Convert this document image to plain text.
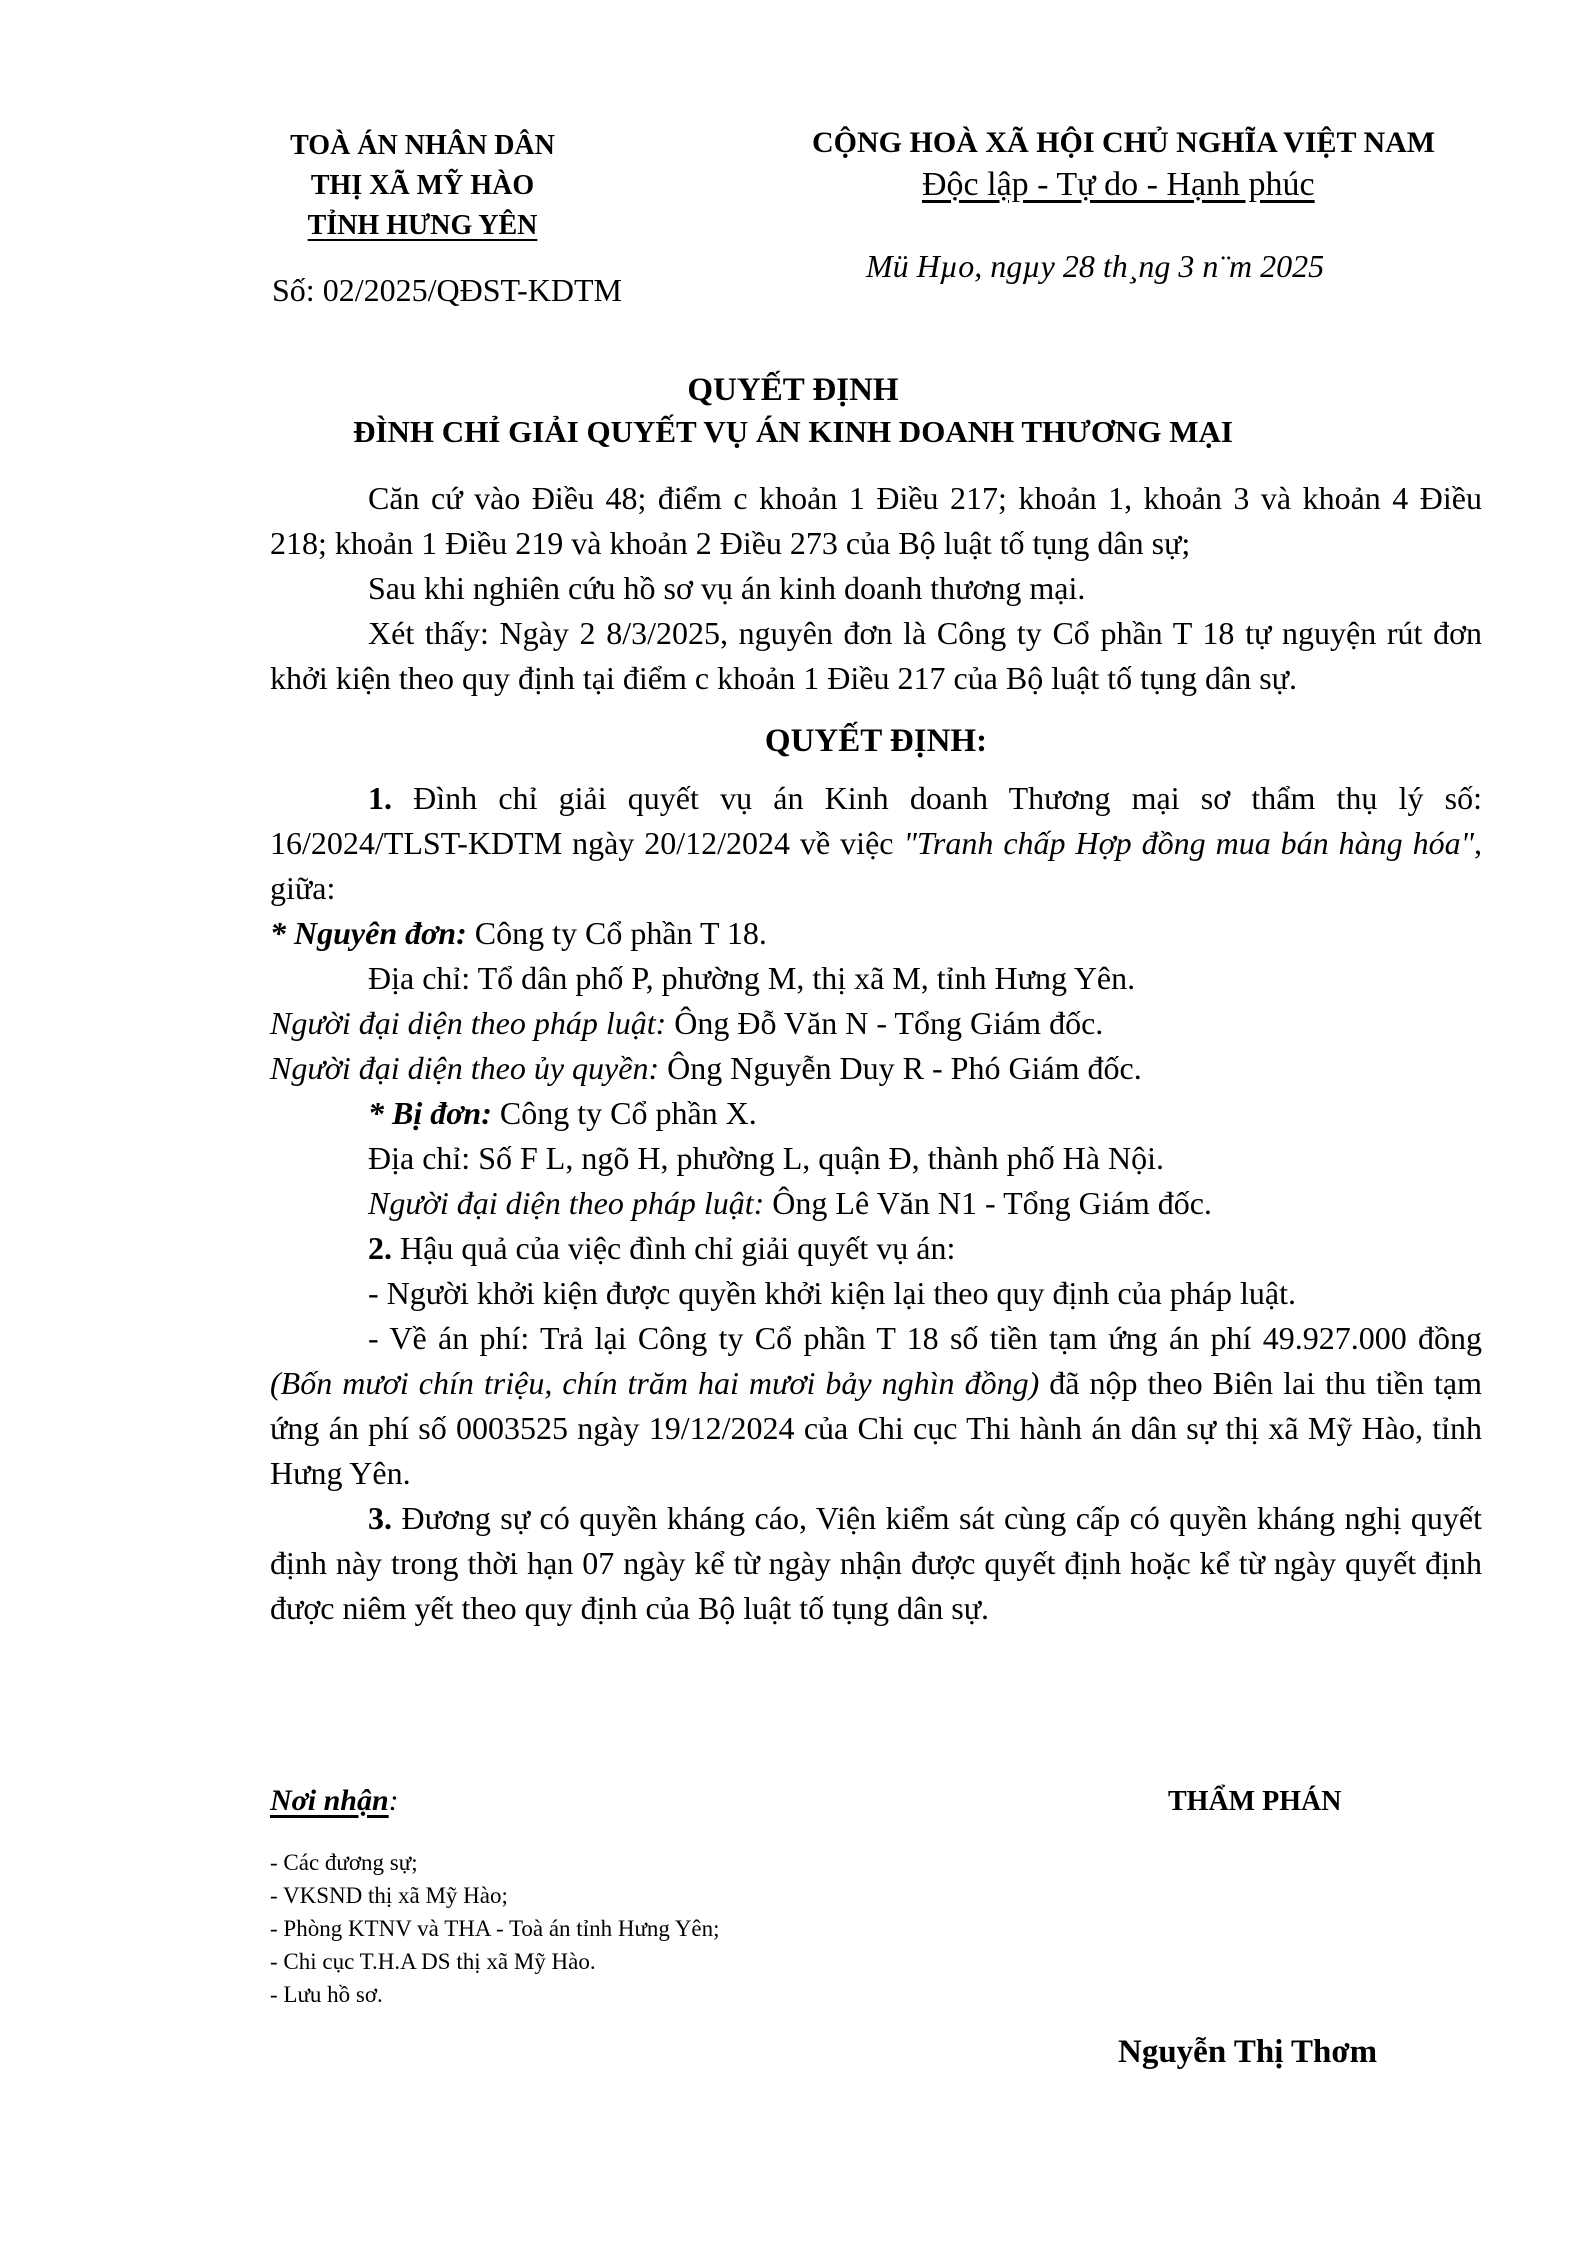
TOÀ ÁN NHÂN DÂN
THỊ XÃ MỸ HÀO
TỈNH HƯNG YÊN
Số: 02/2025/QĐST-KDTM
CỘNG HOÀ XÃ HỘI CHỦ NGHĨA VIỆT NAM
Độc lập - Tự do - Hạnh phúc
Mü Hµo, ngµy 28 th¸ng 3 n¨m 2025
QUYẾT ĐỊNH
ĐÌNH CHỈ GIẢI QUYẾT VỤ ÁN KINH DOANH THƯƠNG MẠI

Căn cứ vào Điều 48; điểm c khoản 1 Điều 217; khoản 1, khoản 3 và khoản 4 Điều 218; khoản 1 Điều 219 và khoản 2 Điều 273 của Bộ luật tố tụng dân sự;

Sau khi nghiên cứu hồ sơ vụ án kinh doanh thương mại.

Xét thấy: Ngày 2 8/3/2025, nguyên đơn là Công ty Cổ phần T 18 tự nguyện rút đơn khởi kiện theo quy định tại điểm c khoản 1 Điều 217 của Bộ luật tố tụng dân sự.

QUYẾT ĐỊNH:

1. Đình chỉ giải quyết vụ án Kinh doanh Thương mại sơ thẩm thụ lý số: 16/2024/TLST-KDTM ngày 20/12/2024 về việc "Tranh chấp Hợp đồng mua bán hàng hóa", giữa:

* Nguyên đơn: Công ty Cổ phần T 18.

Địa chỉ: Tổ dân phố P, phường M, thị xã M, tỉnh Hưng Yên.

Người đại diện theo pháp luật: Ông Đỗ Văn N - Tổng Giám đốc.

Người đại diện theo ủy quyền: Ông Nguyễn Duy R - Phó Giám đốc.

* Bị đơn: Công ty Cổ phần X.

Địa chỉ: Số F L, ngõ H, phường L, quận Đ, thành phố Hà Nội.

Người đại diện theo pháp luật: Ông Lê Văn N1 - Tổng Giám đốc.

2. Hậu quả của việc đình chỉ giải quyết vụ án:

- Người khởi kiện được quyền khởi kiện lại theo quy định của pháp luật.

- Về án phí: Trả lại Công ty Cổ phần T 18 số tiền tạm ứng án phí 49.927.000 đồng (Bốn mươi chín triệu, chín trăm hai mươi bảy nghìn đồng) đã nộp theo Biên lai thu tiền tạm ứng án phí số 0003525 ngày 19/12/2024 của Chi cục Thi hành án dân sự thị xã Mỹ Hào, tỉnh Hưng Yên.

3. Đương sự có quyền kháng cáo, Viện kiểm sát cùng cấp có quyền kháng nghị quyết định này trong thời hạn 07 ngày kể từ ngày nhận được quyết định hoặc kể từ ngày quyết định được niêm yết theo quy định của Bộ luật tố tụng dân sự.

Nơi nhận:
- Các đương sự;
- VKSND thị xã Mỹ Hào;
- Phòng KTNV và THA - Toà án tỉnh Hưng Yên;
- Chi cục T.H.A DS thị xã Mỹ Hào.
- Lưu hồ sơ.
THẨM PHÁN
Nguyễn Thị Thơm
